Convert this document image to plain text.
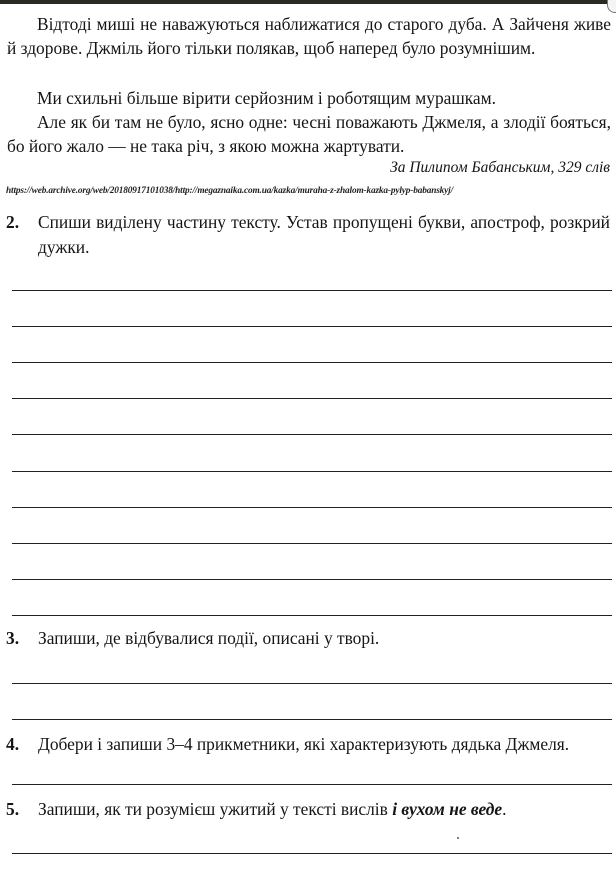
Відтоді миші не наважуються наближатися до старого дуба. А Зайченя живе й здорове. Джміль його тільки полякав, щоб наперед було розумнішим.

Ми схильні більше вірити серйозним і роботящим мурашкам.

Але як би там не було, ясно одне: чесні поважають Джмеля, а злодії бояться, бо його жало — не така річ, з якою можна жартувати.

За Пилипом Бабанським, 329 слів
https://web.archive.org/web/20180917101038/http://megaznaika.com.ua/kazka/muraha-z-zhalom-kazka-pylyp-babanskyj/
2.	Спиши виділену частину тексту. Устав пропущені букви, апостроф, розкрий дужки.
3.	Запиши, де відбувалися події, описані у творі.
4.	Добери і запиши 3–4 прикметники, які характеризують дядька Джмеля.
5.	Запиши, як ти розумієш ужитий у тексті вислів і вухом не веде.
